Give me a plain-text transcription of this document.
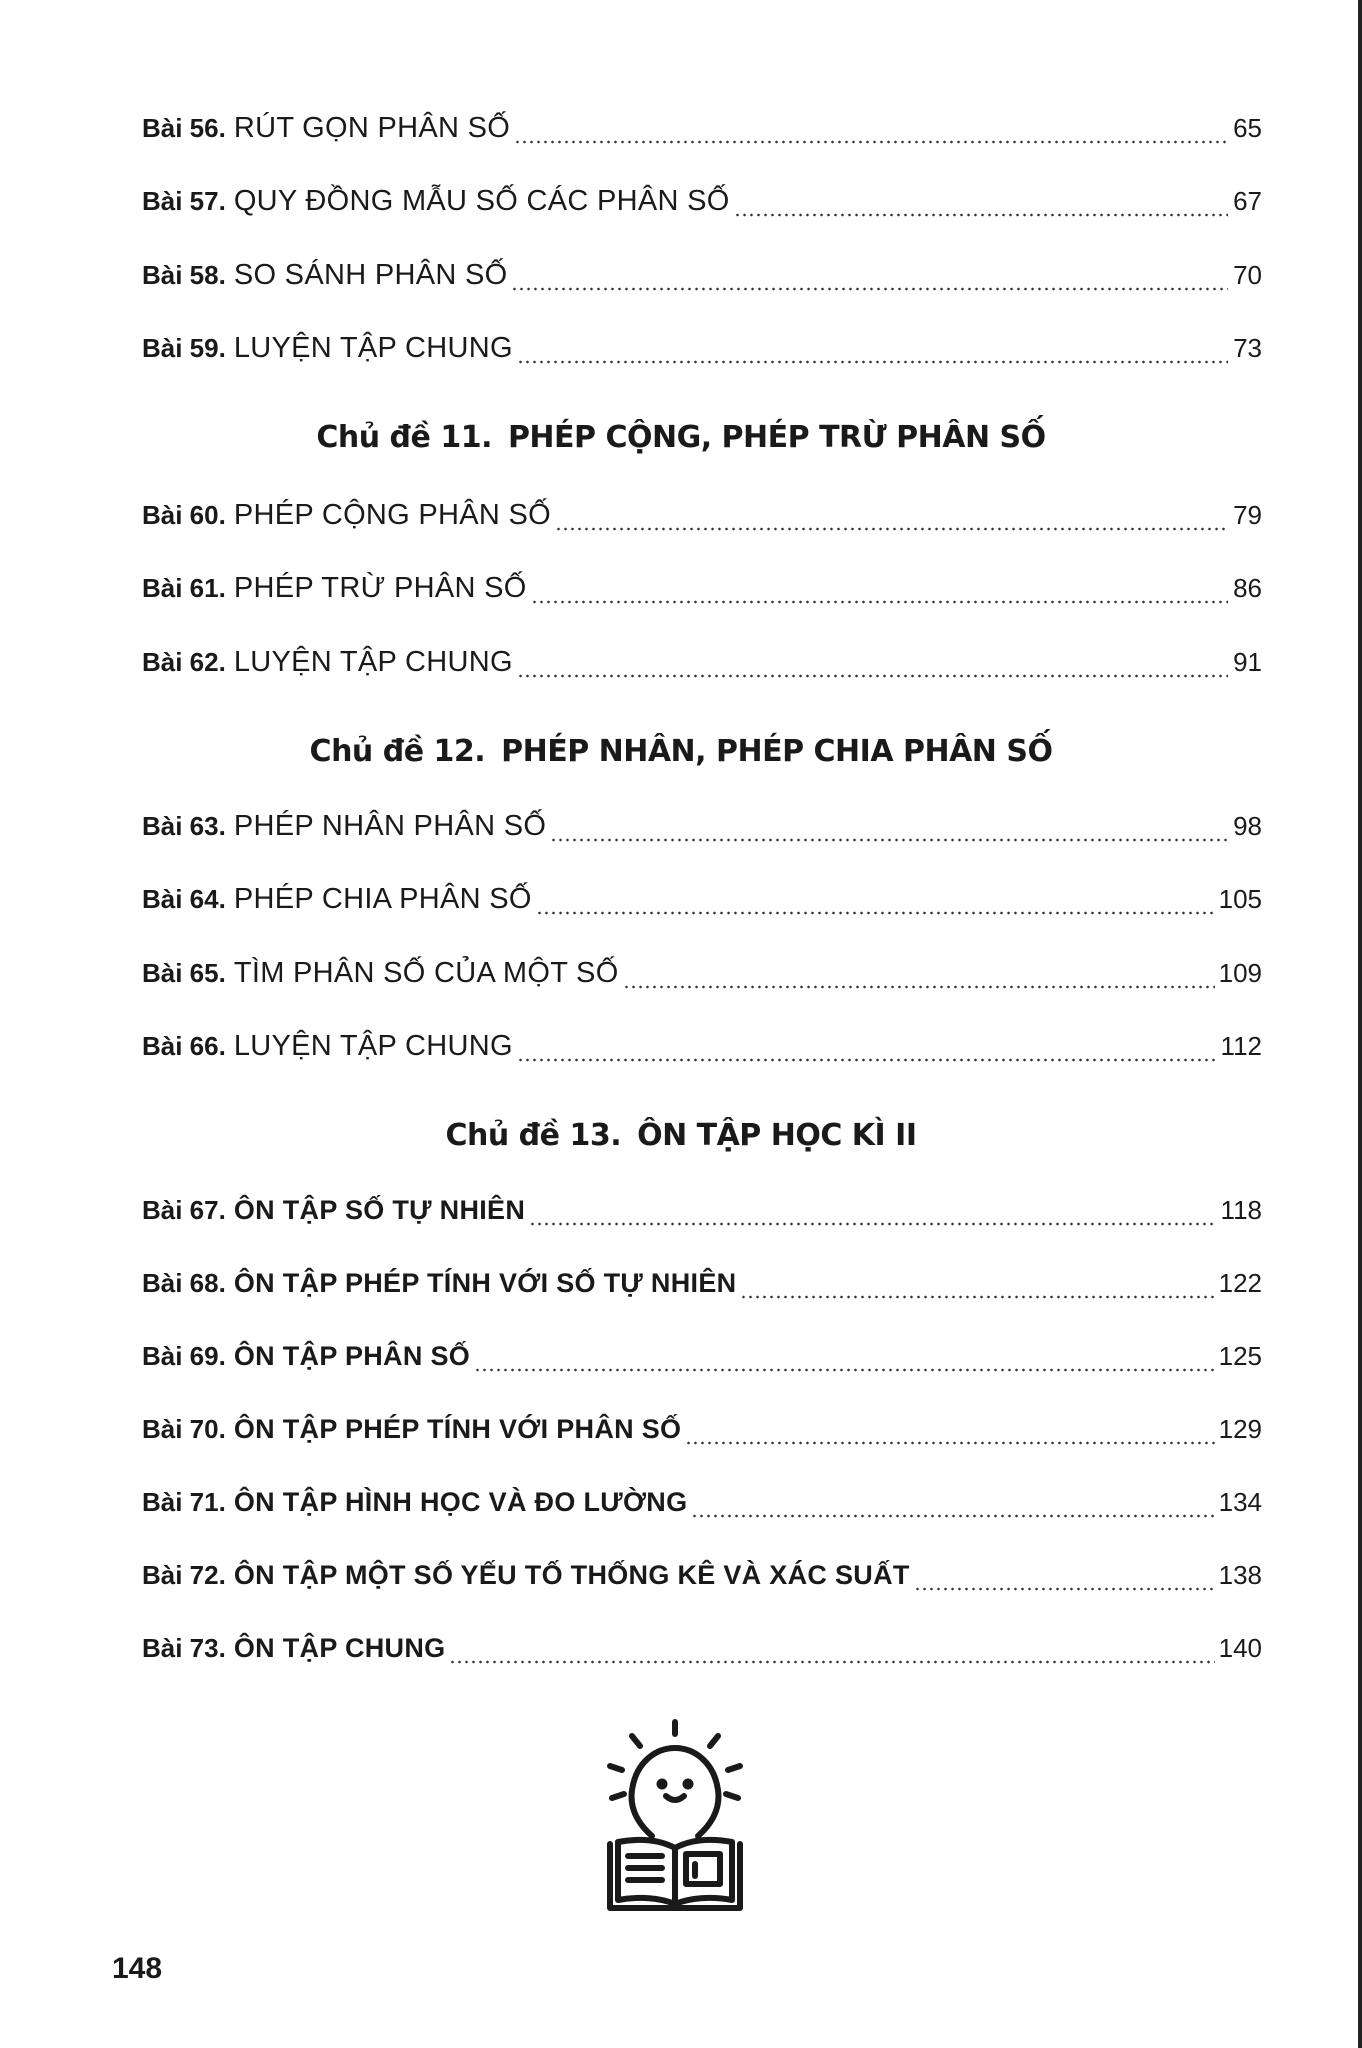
Bài 56. RÚT GỌN PHÂN SỐ	65
Bài 57. QUY ĐỒNG MẪU SỐ CÁC PHÂN SỐ	67
Bài 58. SO SÁNH PHÂN SỐ	70
Bài 59. LUYỆN TẬP CHUNG	73
Chủ đề 11. PHÉP CỘNG, PHÉP TRỪ PHÂN SỐ
Bài 60. PHÉP CỘNG PHÂN SỐ	79
Bài 61. PHÉP TRỪ PHÂN SỐ	86
Bài 62. LUYỆN TẬP CHUNG	91
Chủ đề 12. PHÉP NHÂN, PHÉP CHIA PHÂN SỐ
Bài 63. PHÉP NHÂN PHÂN SỐ	98
Bài 64. PHÉP CHIA PHÂN SỐ	105
Bài 65. TÌM PHÂN SỐ CỦA MỘT SỐ	109
Bài 66. LUYỆN TẬP CHUNG	112
Chủ đề 13. ÔN TẬP HỌC KÌ II
Bài 67. ÔN TẬP SỐ TỰ NHIÊN	118
Bài 68. ÔN TẬP PHÉP TÍNH VỚI SỐ TỰ NHIÊN	122
Bài 69. ÔN TẬP PHÂN SỐ	125
Bài 70. ÔN TẬP PHÉP TÍNH VỚI PHÂN SỐ	129
Bài 71. ÔN TẬP HÌNH HỌC VÀ ĐO LƯỜNG	134
Bài 72. ÔN TẬP MỘT SỐ YẾU TỐ THỐNG KÊ VÀ XÁC SUẤT	138
Bài 73. ÔN TẬP CHUNG	140
148
